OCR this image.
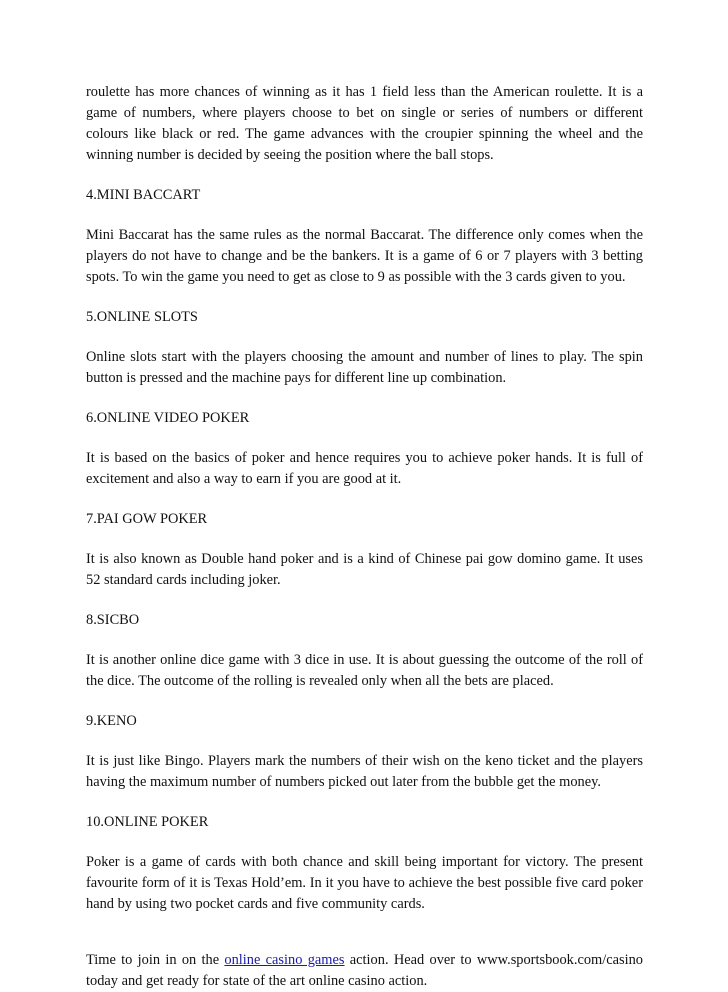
roulette has more chances of winning as it has 1 field less than the American roulette. It is a game of numbers, where players choose to bet on single or series of numbers or different colours like black or red. The game advances with the croupier spinning the wheel and the winning number is decided by seeing the position where the ball stops.

4.MINI BACCART

Mini Baccarat has the same rules as the normal Baccarat. The difference only comes when the players do not have to change and be the bankers. It is a game of 6 or 7 players with 3 betting spots. To win the game you need to get as close to 9 as possible with the 3 cards given to you.

5.ONLINE SLOTS

Online slots start with the players choosing the amount and number of lines to play. The spin button is pressed and the machine pays for different line up combination.

6.ONLINE VIDEO POKER

It is based on the basics of poker and hence requires you to achieve poker hands. It is full of excitement and also a way to earn if you are good at it.

7.PAI GOW POKER

It is also known as Double hand poker and is a kind of Chinese pai gow domino game. It uses 52 standard cards including joker.

8.SICBO

It is another online dice game with 3 dice in use. It is about guessing the outcome of the roll of the dice. The outcome of the rolling is revealed only when all the bets are placed.

9.KENO

It is just like Bingo. Players mark the numbers of their wish on the keno ticket and the players having the maximum number of numbers picked out later from the bubble get the money.

10.ONLINE POKER

Poker is a game of cards with both chance and skill being important for victory. The present favourite form of it is Texas Hold’em. In it you have to achieve the best possible five card poker hand by using two pocket cards and five community cards.

Time to join in on the online casino games action. Head over to www.sportsbook.com/casino today and get ready for state of the art online casino action.
